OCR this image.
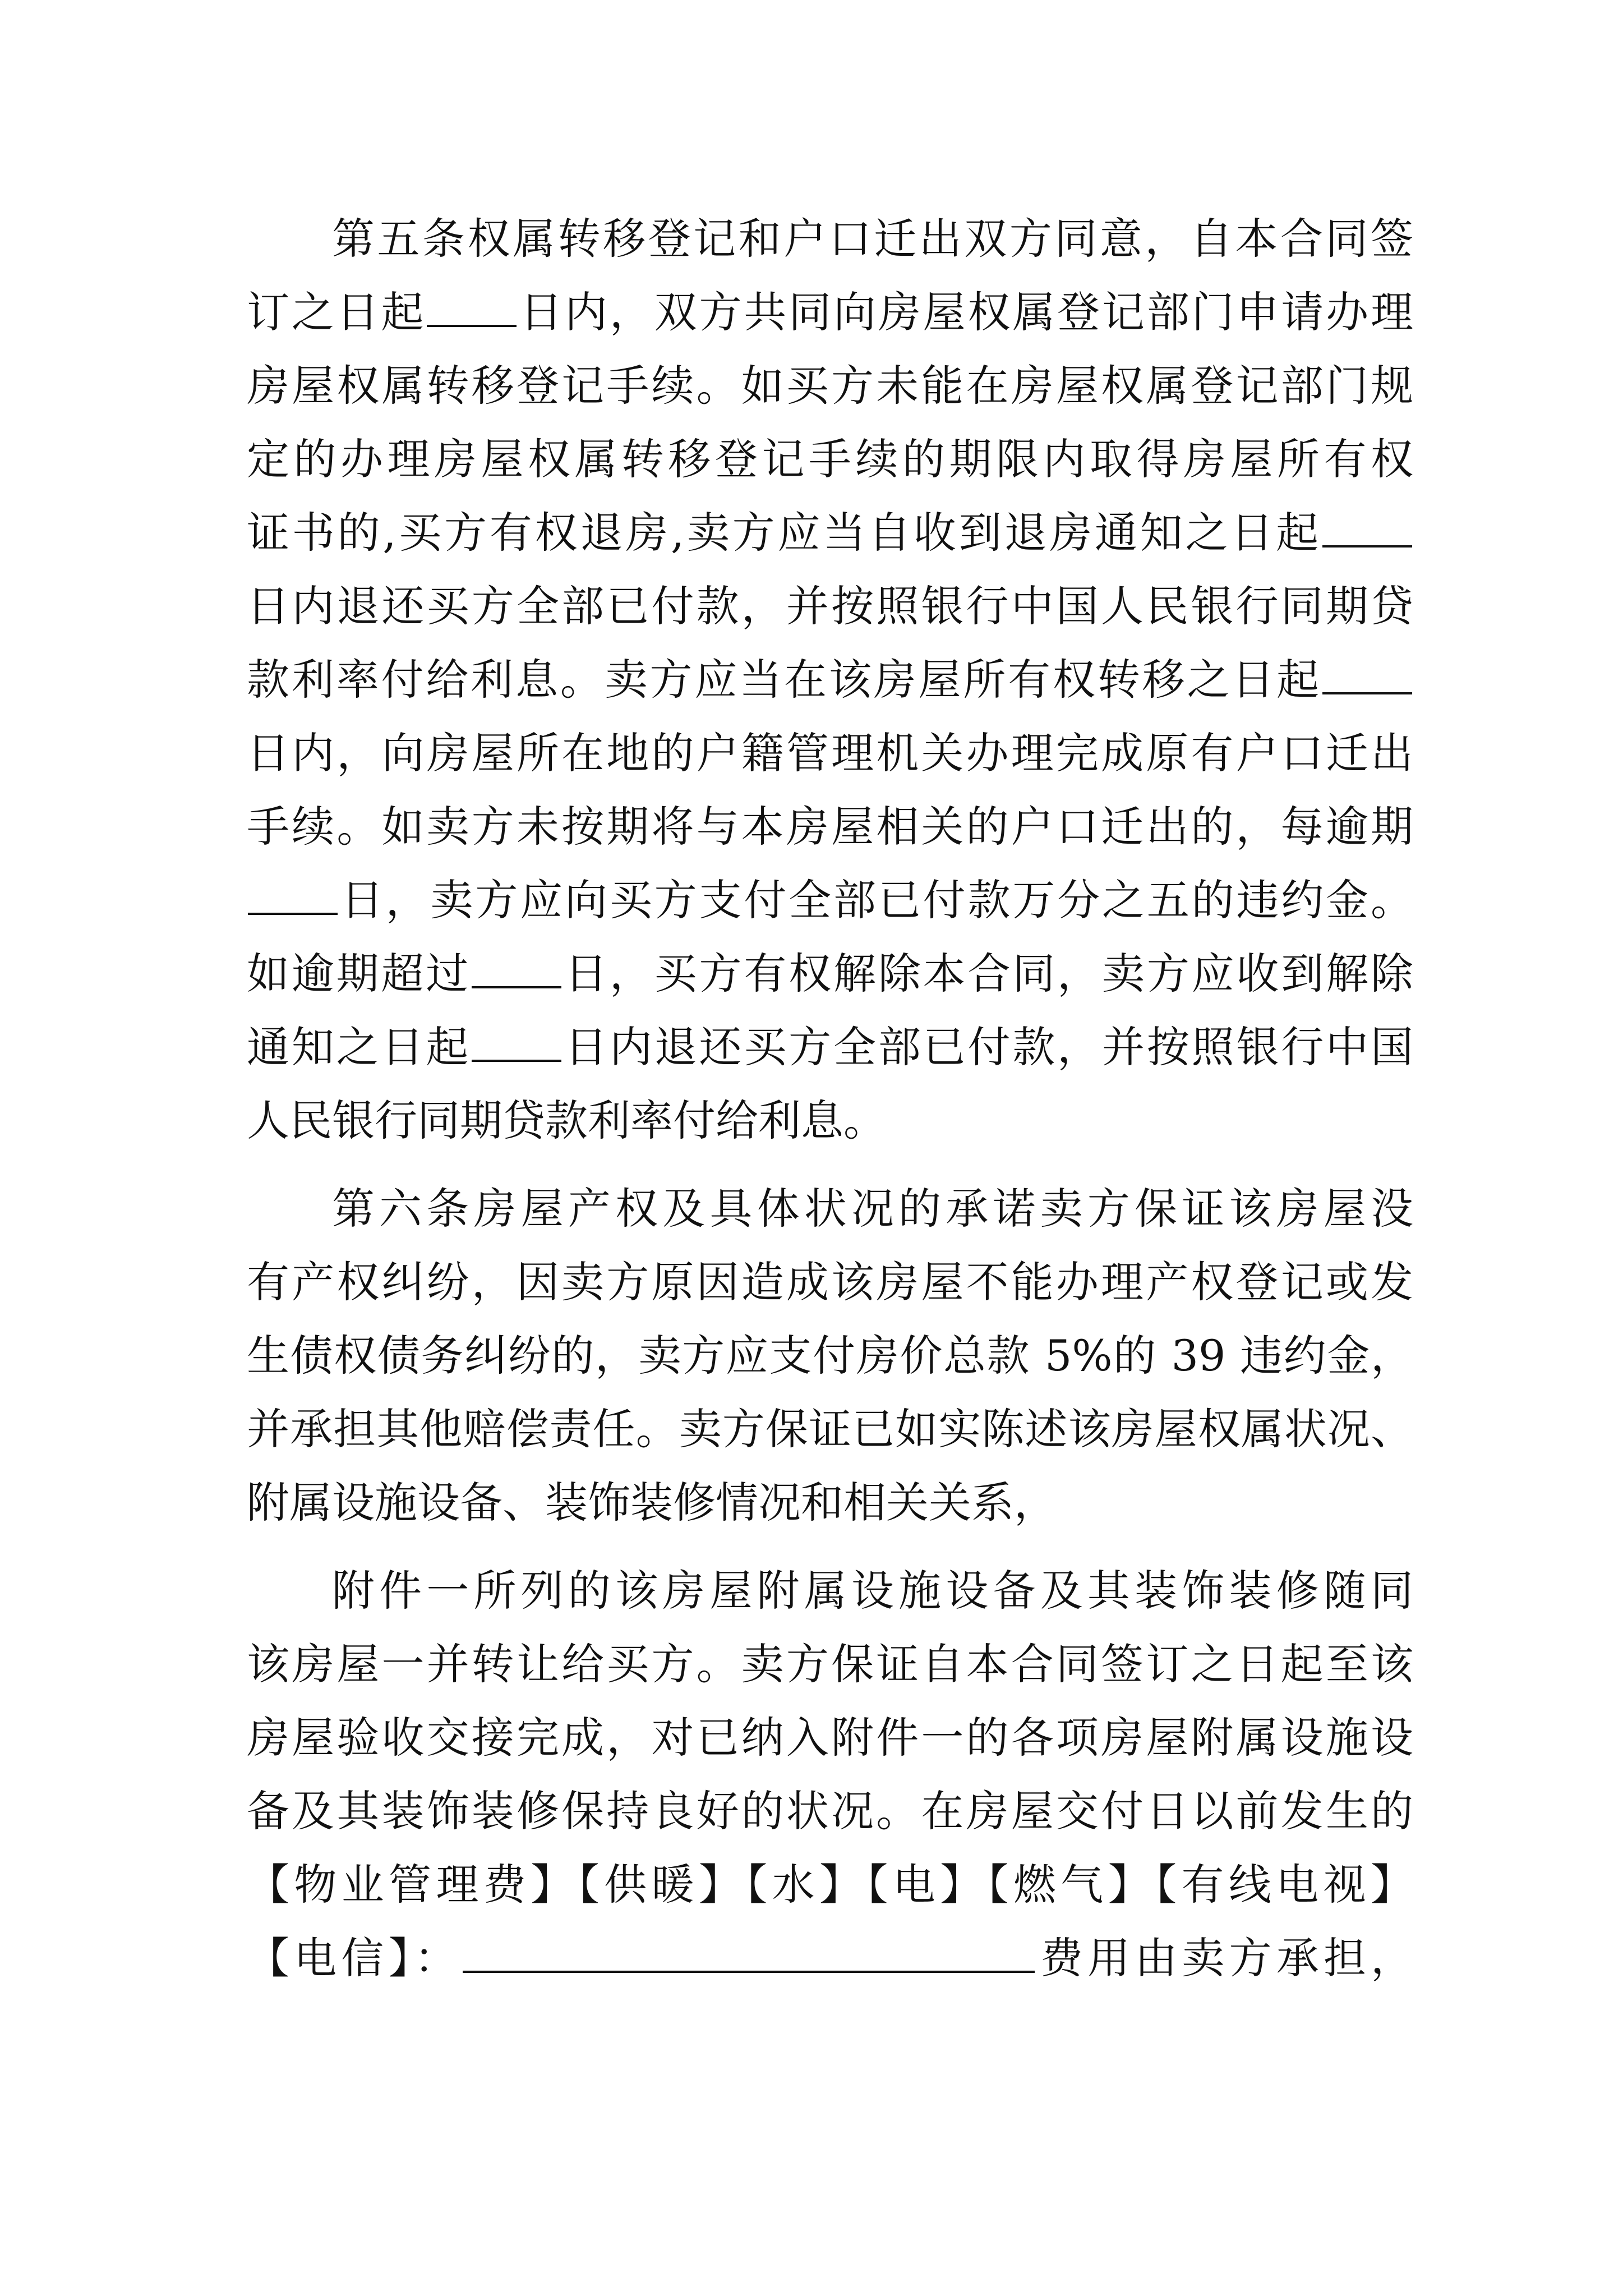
第五条权属转移登记和户口迁出双方同意，自本合同签
订之日起 日内，双方共同向房屋权属登记部门申请办理
房屋权属转移登记手续。如买方未能在房屋权属登记部门规
定的办理房屋权属转移登记手续的期限内取得房屋所有权
证书的,买方有权退房,卖方应当自收到退房通知之日起
日内退还买方全部已付款，并按照银行中国人民银行同期贷
款利率付给利息。卖方应当在该房屋所有权转移之日起
日内，向房屋所在地的户籍管理机关办理完成原有户口迁出
手续。如卖方未按期将与本房屋相关的户口迁出的，每逾期
日，卖方应向买方支付全部已付款万分之五的违约金。
如逾期超过 日，买方有权解除本合同，卖方应收到解除
通知之日起 日内退还买方全部已付款，并按照银行中国
人民银行同期贷款利率付给利息。
第六条房屋产权及具体状况的承诺卖方保证该房屋没
有产权纠纷，因卖方原因造成该房屋不能办理产权登记或发
生债权债务纠纷的，卖方应支付房价总款 5%的 39 违约金，
并承担其他赔偿责任。卖方保证已如实陈述该房屋权属状况、
附属设施设备、装饰装修情况和相关关系，
附件一所列的该房屋附属设施设备及其装饰装修随同
该房屋一并转让给买方。卖方保证自本合同签订之日起至该
房屋验收交接完成，对已纳入附件一的各项房屋附属设施设
备及其装饰装修保持良好的状况。在房屋交付日以前发生的
【物业管理费】【供暖】【水】【电】【燃气】【有线电视】
【电信】：	费用由卖方承担，
